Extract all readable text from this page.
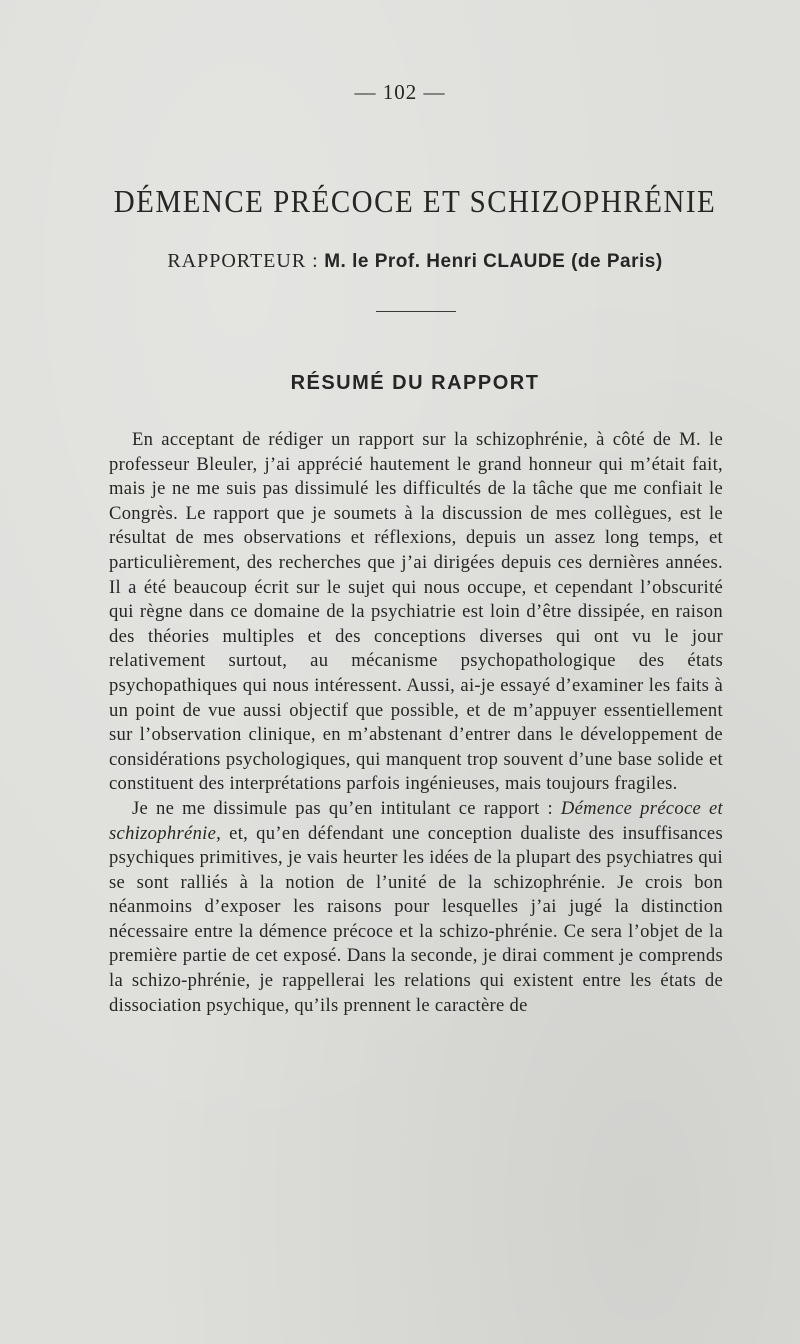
— 102 —
DÉMENCE PRÉCOCE ET SCHIZOPHRÉNIE
RAPPORTEUR : M. le Prof. Henri CLAUDE (de Paris)
RÉSUMÉ DU RAPPORT

En acceptant de rédiger un rapport sur la schizophrénie, à côté de M. le professeur Bleuler, j’ai apprécié hautement le grand honneur qui m’était fait, mais je ne me suis pas dissimulé les difficultés de la tâche que me confiait le Congrès. Le rapport que je soumets à la discussion de mes collègues, est le résultat de mes observations et réflexions, depuis un assez long temps, et particulièrement, des recherches que j’ai dirigées depuis ces dernières années. Il a été beaucoup écrit sur le sujet qui nous occupe, et cependant l’obscurité qui règne dans ce domaine de la psychiatrie est loin d’être dissipée, en raison des théories multiples et des conceptions diverses qui ont vu le jour relativement surtout, au mécanisme psychopathologique des états psychopathiques qui nous intéressent. Aussi, ai-je essayé d’examiner les faits à un point de vue aussi objectif que possible, et de m’appuyer essentiellement sur l’observation clinique, en m’abstenant d’entrer dans le développement de considérations psychologiques, qui manquent trop souvent d’une base solide et constituent des interprétations parfois ingénieuses, mais toujours fragiles.

Je ne me dissimule pas qu’en intitulant ce rapport : Démence précoce et schizophrénie, et, qu’en défendant une conception dualiste des insuffisances psychiques primitives, je vais heurter les idées de la plupart des psychiatres qui se sont ralliés à la notion de l’unité de la schizophrénie. Je crois bon néanmoins d’exposer les raisons pour lesquelles j’ai jugé la distinction nécessaire entre la démence précoce et la schizo-phrénie. Ce sera l’objet de la première partie de cet exposé. Dans la seconde, je dirai comment je comprends la schizo-phrénie, je rappellerai les relations qui existent entre les états de dissociation psychique, qu’ils prennent le caractère de
